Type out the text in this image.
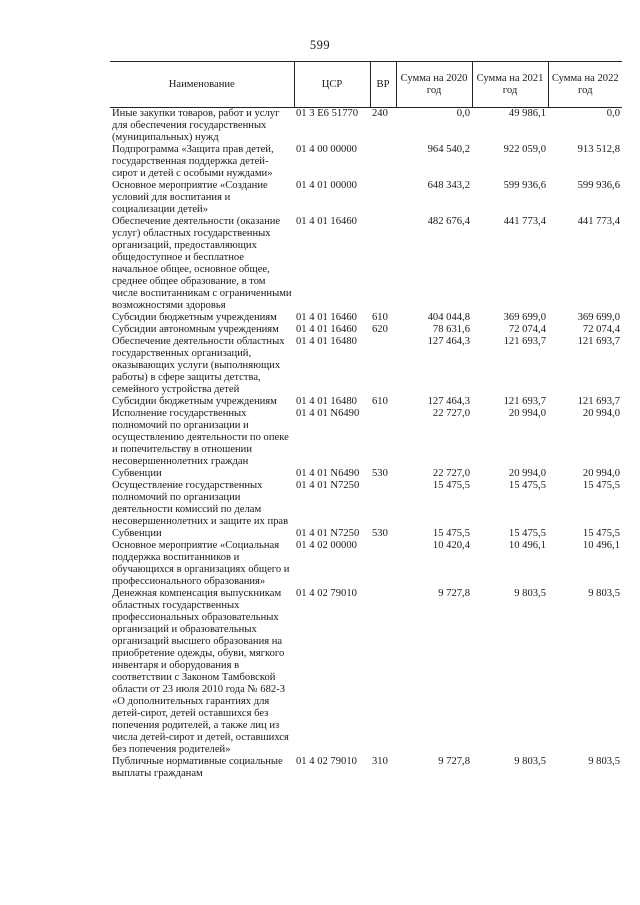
599
Наименование	ЦСР	ВР	Сумма на 2020 год	Сумма на 2021 год	Сумма на 2022 год
Иные закупки товаров, работ и услуг для обеспечения государственных (муниципальных) нужд	01 3 E6 51770	240	0,0	49 986,1	0,0
Подпрограмма «Защита прав детей, государственная поддержка детей-сирот и детей с особыми нуждами»	01 4 00 00000		964 540,2	922 059,0	913 512,8
Основное мероприятие «Создание условий для воспитания и социализации детей»	01 4 01 00000		648 343,2	599 936,6	599 936,6
Обеспечение деятельности (оказание услуг) областных государственных организаций, предоставляющих общедоступное и бесплатное начальное общее, основное общее, среднее общее образование, в том числе воспитанникам с ограниченными возможностями здоровья	01 4 01 16460		482 676,4	441 773,4	441 773,4
Субсидии бюджетным учреждениям	01 4 01 16460	610	404 044,8	369 699,0	369 699,0
Субсидии автономным учреждениям	01 4 01 16460	620	78 631,6	72 074,4	72 074,4
Обеспечение деятельности областных государственных организаций, оказывающих услуги (выполняющих работы) в сфере защиты детства, семейного устройства детей	01 4 01 16480		127 464,3	121 693,7	121 693,7
Субсидии бюджетным учреждениям	01 4 01 16480	610	127 464,3	121 693,7	121 693,7
Исполнение государственных полномочий по организации и осуществлению деятельности по опеке и попечительству в отношении несовершеннолетних граждан	01 4 01 N6490		22 727,0	20 994,0	20 994,0
Субвенции	01 4 01 N6490	530	22 727,0	20 994,0	20 994,0
Осуществление государственных полномочий по организации деятельности комиссий по делам несовершеннолетних и защите их прав	01 4 01 N7250		15 475,5	15 475,5	15 475,5
Субвенции	01 4 01 N7250	530	15 475,5	15 475,5	15 475,5
Основное мероприятие «Социальная поддержка воспитанников и обучающихся в организациях общего и профессионального образования»	01 4 02 00000		10 420,4	10 496,1	10 496,1
Денежная компенсация выпускникам областных государственных профессиональных образовательных организаций и образовательных организаций высшего образования на приобретение одежды, обуви, мягкого инвентаря и оборудования в соответствии с Законом Тамбовской области от 23 июля 2010 года № 682-З «О дополнительных гарантиях для детей-сирот, детей оставшихся без попечения родителей, а также лиц из числа детей-сирот и детей, оставшихся без попечения родителей»	01 4 02 79010		9 727,8	9 803,5	9 803,5
Публичные нормативные социальные выплаты гражданам	01 4 02 79010	310	9 727,8	9 803,5	9 803,5
